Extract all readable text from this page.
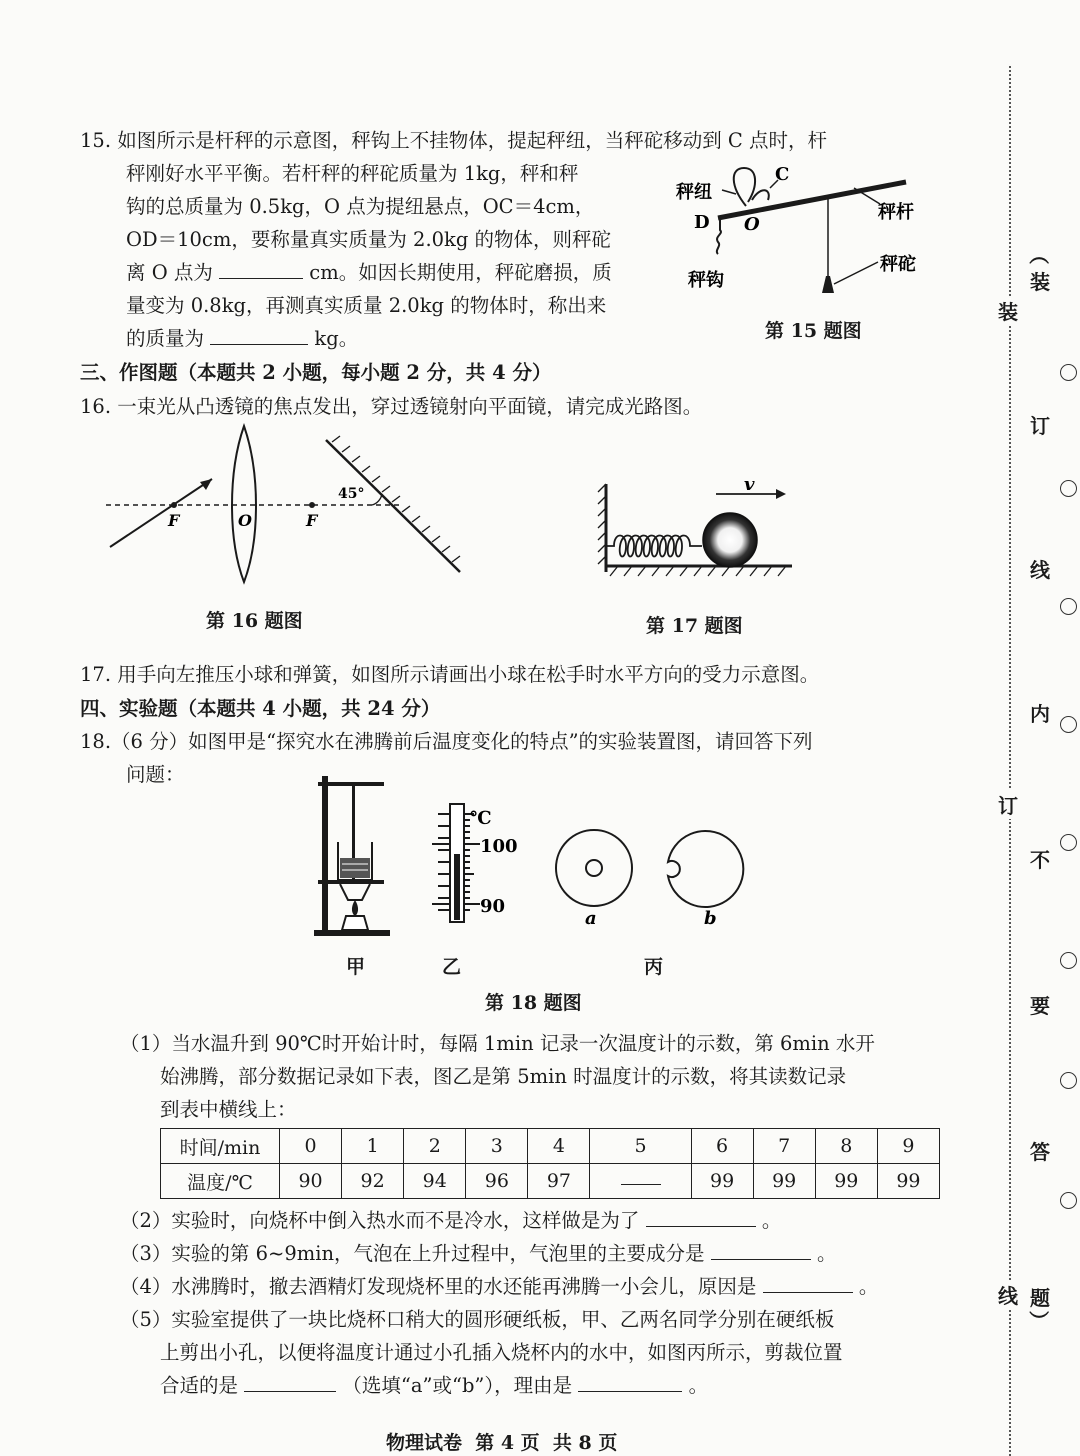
15. 如图所示是杆秤的示意图，秤钩上不挂物体，提起秤纽，当秤砣移动到 C 点时，杆
秤刚好水平平衡。若杆秤的秤砣质量为 1kg，秤和秤
钩的总质量为 0.5kg，O 点为提纽悬点，OC＝4cm，
OD＝10cm，要称量真实质量为 2.0kg 的物体，则秤砣
离 O 点为	cm。如因长期使用，秤砣磨损，质
量变为 0.8kg，再测真实质量 2.0kg 的物体时，称出来
的质量为	kg。
秤纽
C
D O
秤杆
秤砣
秤钩
第 15 题图
三、作图题（本题共 2 小题，每小题 2 分，共 4 分）
16. 一束光从凸透镜的焦点发出，穿过透镜射向平面镜，请完成光路图。
F	O	F
45°
第 16 题图
v
第 17 题图
17. 用手向左推压小球和弹簧，如图所示请画出小球在松手时水平方向的受力示意图。
四、实验题（本题共 4 小题，共 24 分）
18.（6 分）如图甲是“探究水在沸腾前后温度变化的特点”的实验装置图，请回答下列
问题：
℃
100
90
a	b
甲	乙	丙
第 18 题图
（1）当水温升到 90℃时开始计时，每隔 1min 记录一次温度计的示数，第 6min 水开
始沸腾，部分数据记录如下表，图乙是第 5min 时温度计的示数，将其读数记录
到表中横线上：
时间/min	0	1	2	3	4	5	6	7	8	9
温度/℃	90	92	94	96	97		99	99	99	99
（2）实验时，向烧杯中倒入热水而不是冷水，这样做是为了	。
（3）实验的第 6~9min，气泡在上升过程中，气泡里的主要成分是	。
（4）水沸腾时，撤去酒精灯发现烧杯里的水还能再沸腾一小会儿，原因是	。
（5）实验室提供了一块比烧杯口稍大的圆形硬纸板，甲、乙两名同学分别在硬纸板
上剪出小孔，以便将温度计通过小孔插入烧杯内的水中，如图丙所示，剪裁位置
合适的是	（选填“a”或“b”），理由是	。
物理试卷  第 4 页  共 8 页
装
订
线
（
装
订
线
内
不
要
答
题
）
